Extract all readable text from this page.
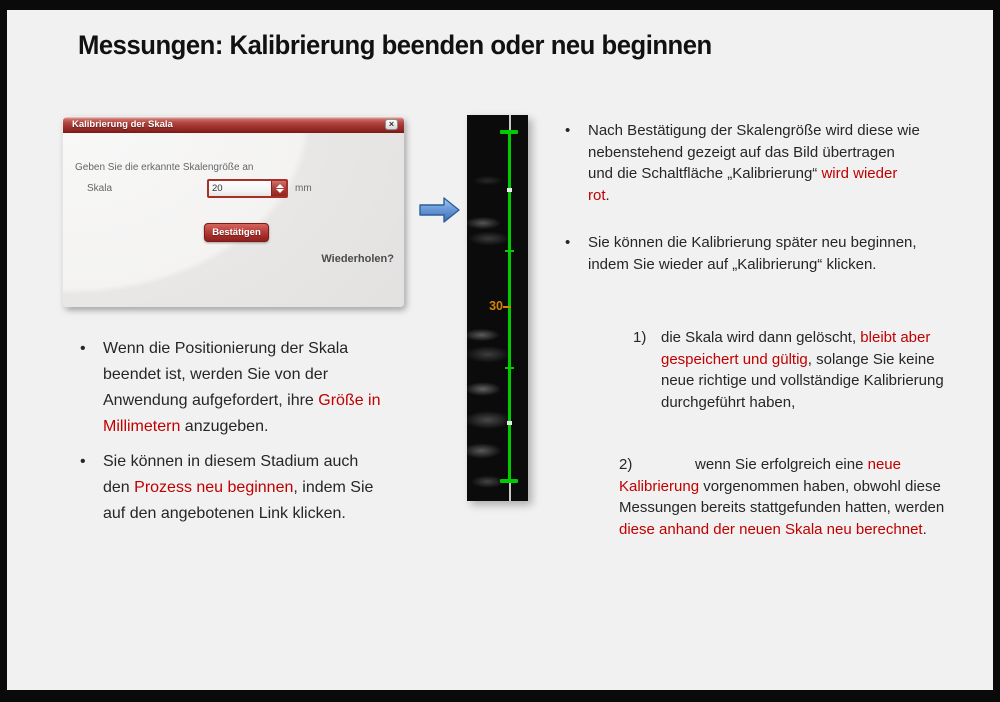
Messungen: Kalibrierung beenden oder neu beginnen
Kalibrierung der Skala	×
Geben Sie die erkannte Skalengröße an
Skala	20	mm
Bestätigen
Wiederholen?
30
• Wenn die Positionierung der Skala beendet ist, werden Sie von der Anwendung aufgefordert, ihre Größe in Millimetern anzugeben.
• Sie können in diesem Stadium auch den Prozess neu beginnen, indem Sie auf den angebotenen Link klicken.
• Nach Bestätigung der Skalengröße wird diese wie nebenstehend gezeigt auf das Bild übertragen und die Schaltfläche „Kalibrierung“ wird wieder rot.
• Sie können die Kalibrierung später neu beginnen, indem Sie wieder auf „Kalibrierung“ klicken.
1) die Skala wird dann gelöscht, bleibt aber gespeichert und gültig, solange Sie keine neue richtige und vollständige Kalibrierung durchgeführt haben,
2)	wenn Sie erfolgreich eine neue Kalibrierung vorgenommen haben, obwohl diese Messungen bereits stattgefunden hatten, werden diese anhand der neuen Skala neu berechnet.
